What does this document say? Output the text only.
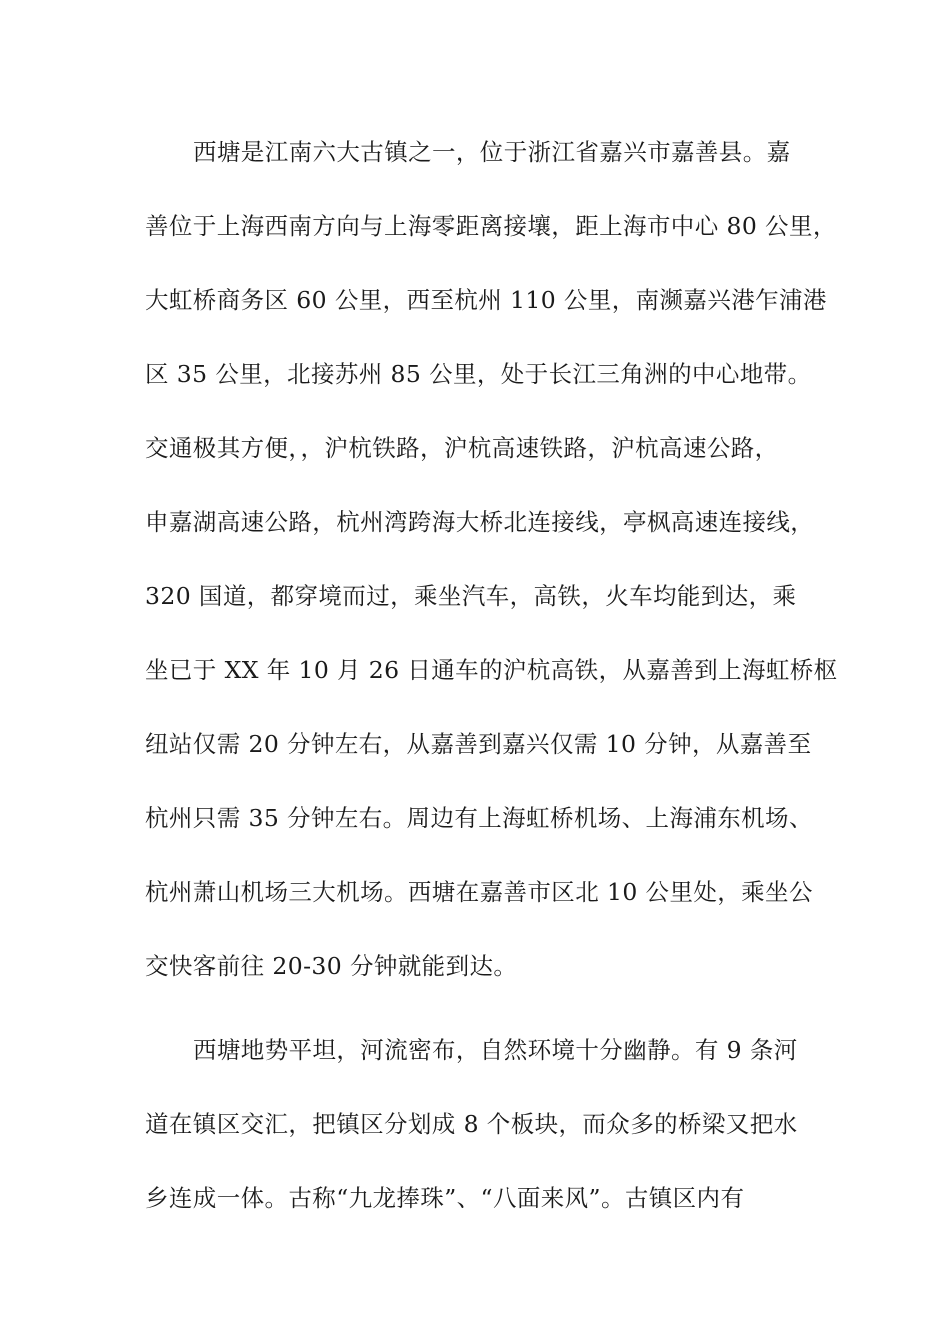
西塘是江南六大古镇之一，位于浙江省嘉兴市嘉善县。嘉
善位于上海西南方向与上海零距离接壤，距上海市中心 80 公里，
大虹桥商务区 60 公里，西至杭州 110 公里，南濒嘉兴港乍浦港
区 35 公里，北接苏州 85 公里，处于长江三角洲的中心地带。
交通极其方便，，沪杭铁路，沪杭高速铁路，沪杭高速公路，
申嘉湖高速公路，杭州湾跨海大桥北连接线，亭枫高速连接线，
320 国道，都穿境而过，乘坐汽车，高铁，火车均能到达，乘
坐已于 XX 年 10 月 26 日通车的沪杭高铁，从嘉善到上海虹桥枢
纽站仅需 20 分钟左右，从嘉善到嘉兴仅需 10 分钟，从嘉善至
杭州只需 35 分钟左右。周边有上海虹桥机场、上海浦东机场、
杭州萧山机场三大机场。西塘在嘉善市区北 10 公里处，乘坐公
交快客前往 20-30 分钟就能到达。
西塘地势平坦，河流密布，自然环境十分幽静。有 9 条河
道在镇区交汇，把镇区分划成 8 个板块，而众多的桥梁又把水
乡连成一体。古称“九龙捧珠”、“八面来风”。古镇区内有
